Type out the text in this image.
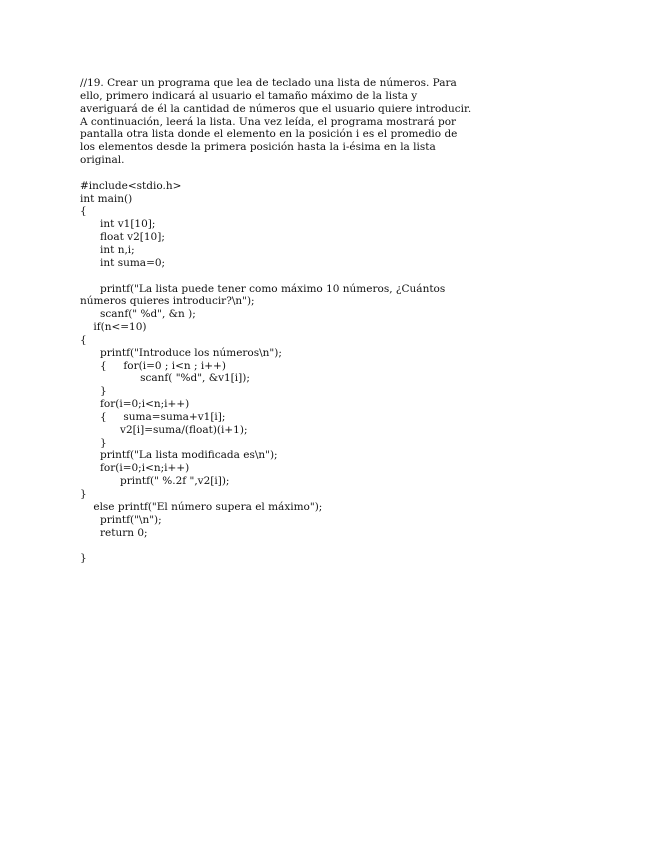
//19. Crear un programa que lea de teclado una lista de números. Para
ello, primero indicará al usuario el tamaño máximo de la lista y
averiguará de él la cantidad de números que el usuario quiere introducir.
A continuación, leerá la lista. Una vez leída, el programa mostrará por
pantalla otra lista donde el elemento en la posición i es el promedio de
los elementos desde la primera posición hasta la i-ésima en la lista
original.
#include<stdio.h>
int main()
{
int v1[10];
float v2[10];
int n,i;
int suma=0;
printf("La lista puede tener como máximo 10 números, ¿Cuántos
números quieres introducir?\n");
scanf(" %d", &n );
if(n<=10)
{
printf("Introduce los números\n");
{     for(i=0 ; i<n ; i++)
scanf( "%d", &v1[i]);
}
for(i=0;i<n;i++)
{     suma=suma+v1[i];
v2[i]=suma/(float)(i+1);
}
printf("La lista modificada es\n");
for(i=0;i<n;i++)
printf(" %.2f ",v2[i]);
}
else printf("El número supera el máximo");
printf("\n");
return 0;
}
